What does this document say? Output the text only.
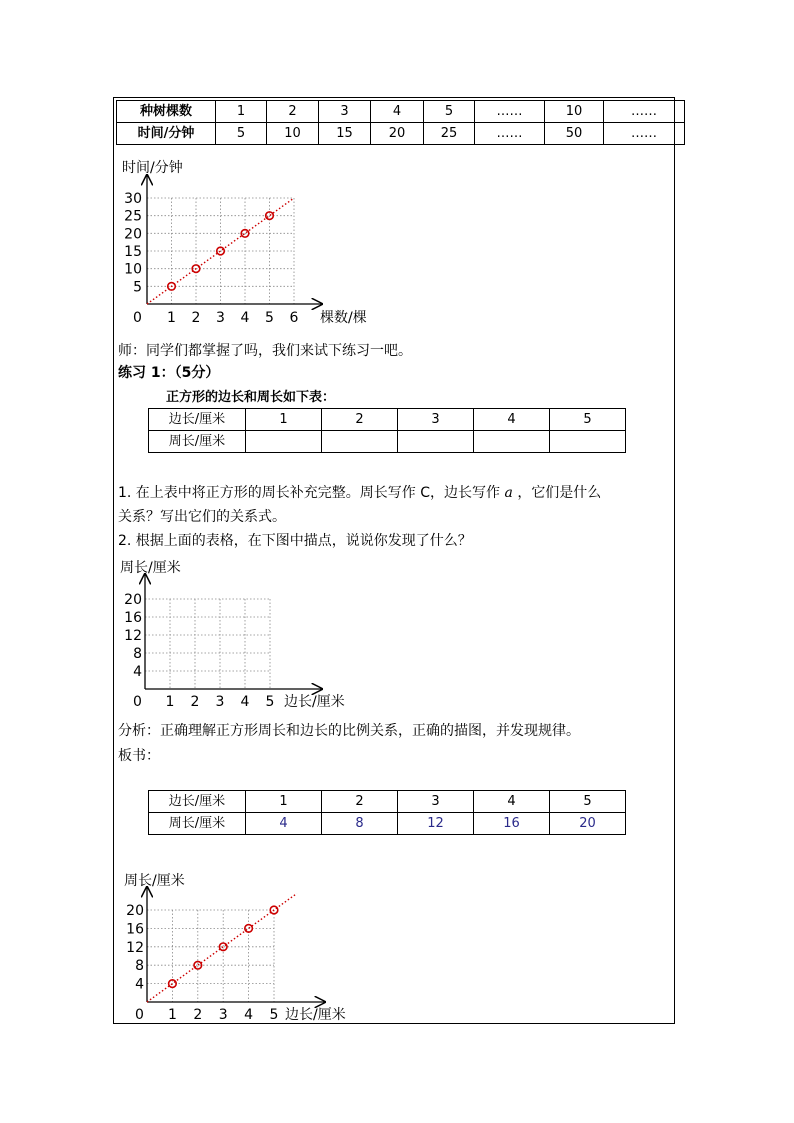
种树棵数	1	2	3	4	5	……	10	……
时间/分钟	5	10	15	20	25	……	50	……
时间/分钟
棵数/棵
0 1 2 3 4 5 6
5
10
15
20
25
30
周长/厘米
边长/厘米
0 1 2 3 4 5
4
8
12
16
20
周长/厘米
边长/厘米
0 1 2 3 4 5
4
8
12
16
20
师：同学们都掌握了吗，我们来试下练习一吧。
练习 1：（5分）
正方形的边长和周长如下表：
边长/厘米	1	2	3	4	5
周长/厘米					
1. 在上表中将正方形的周长补充完整。周长写作 C，边长写作 a ，它们是什么
关系？写出它们的关系式。
2. 根据上面的表格，在下图中描点，说说你发现了什么？
分析：正确理解正方形周长和边长的比例关系，正确的描图，并发现规律。
板书：
边长/厘米	1	2	3	4	5
周长/厘米	4	8	12	16	20
